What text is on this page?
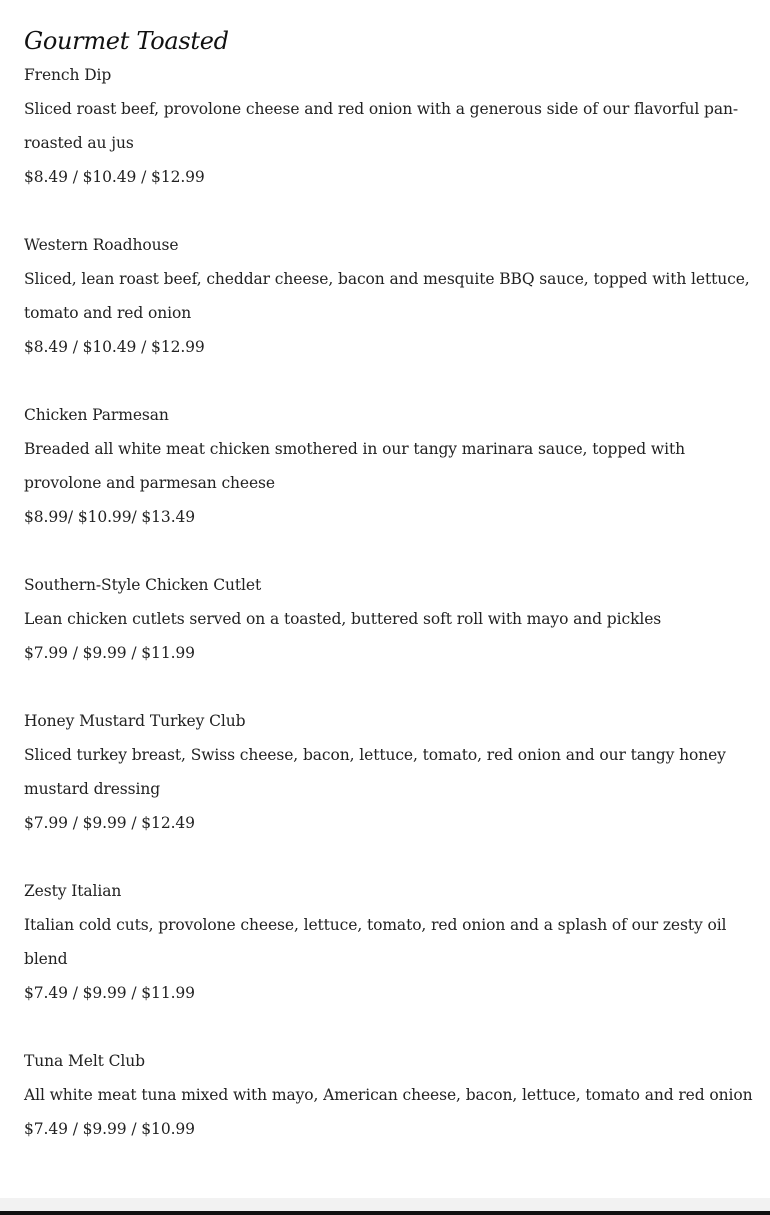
Gourmet Toasted

French Dip

Sliced roast beef, provolone cheese and red onion with a generous side of our flavorful pan-roasted au jus

$8.49 / $10.49 / $12.99

Western Roadhouse

Sliced, lean roast beef, cheddar cheese, bacon and mesquite BBQ sauce, topped with lettuce, tomato and red onion

$8.49 / $10.49 / $12.99

Chicken Parmesan

Breaded all white meat chicken smothered in our tangy marinara sauce, topped with provolone and parmesan cheese

$8.99/ $10.99/ $13.49

Southern-Style Chicken Cutlet

Lean chicken cutlets served on a toasted, buttered soft roll with mayo and pickles

$7.99 / $9.99 / $11.99

Honey Mustard Turkey Club

Sliced turkey breast, Swiss cheese, bacon, lettuce, tomato, red onion and our tangy honey mustard dressing

$7.99 / $9.99 / $12.49

Zesty Italian

Italian cold cuts, provolone cheese, lettuce, tomato, red onion and a splash of our zesty oil blend

$7.49 / $9.99 / $11.99

Tuna Melt Club

All white meat tuna mixed with mayo, American cheese, bacon, lettuce, tomato and red onion

$7.49 / $9.99 / $10.99
